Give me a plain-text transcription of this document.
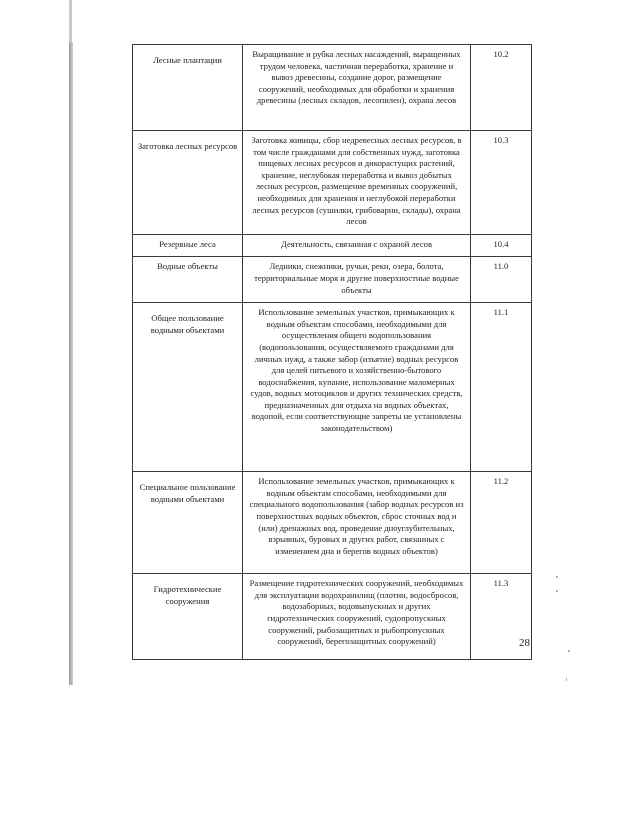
Лесные плантации	Выращивание и рубка лесных насаждений, выращенных трудом человека, частичная переработка, хранение и вывоз древесины, создание дорог, размещение сооружений, необходимых для обработки и хранения древесины (лесных складов, лесопилен), охрана лесов	10.2
Заготовка лесных ресурсов	Заготовка живицы, сбор недревесных лесных ресурсов, в том числе гражданами для собственных нужд, заготовка пищевых лесных ресурсов и дикорастущих растений, хранение, неглубокая переработка и вывоз добытых лесных ресурсов, размещение временных сооружений, необходимых для хранения и неглубокой переработки лесных ресурсов (сушилки, грибоварни, склады), охрана лесов	10.3
Резервные леса	Деятельность, связанная с охраной лесов	10.4
Водные объекты	Ледники, снежники, ручьи, реки, озера, болота, территориальные моря и другие поверхностные водные объекты	11.0
Общее пользование водными объектами	Использование земельных участков, примыкающих к водным объектам способами, необходимыми для осуществления общего водопользования (водопользования, осуществляемого гражданами для личных нужд, а также забор (изъятие) водных ресурсов для целей питьевого и хозяйственно-бытового водоснабжения, купание, использование маломерных судов, водных мотоциклов и других технических средств, предназначенных для отдыха на водных объектах, водопой, если соответствующие запреты не установлены законодательством)	11.1
Специальное пользование водными объектами	Использование земельных участков, примыкающих к водным объектам способами, необходимыми для специального водопользования (забор водных ресурсов из поверхностных водных объектов, сброс сточных вод и (или) дренажных вод, проведение дноуглубительных, взрывных, буровых и других работ, связанных с изменением дна и берегов водных объектов)	11.2
Гидротехнические сооружения	Размещение гидротехнических сооружений, необходимых для эксплуатации водохранилищ (плотин, водосбросов, водозаборных, водовыпускных и других гидротехнических сооружений, судопропускных сооружений, рыбозащитных и рыбопропускных сооружений, берегозащитных сооружений)	11.3
28
